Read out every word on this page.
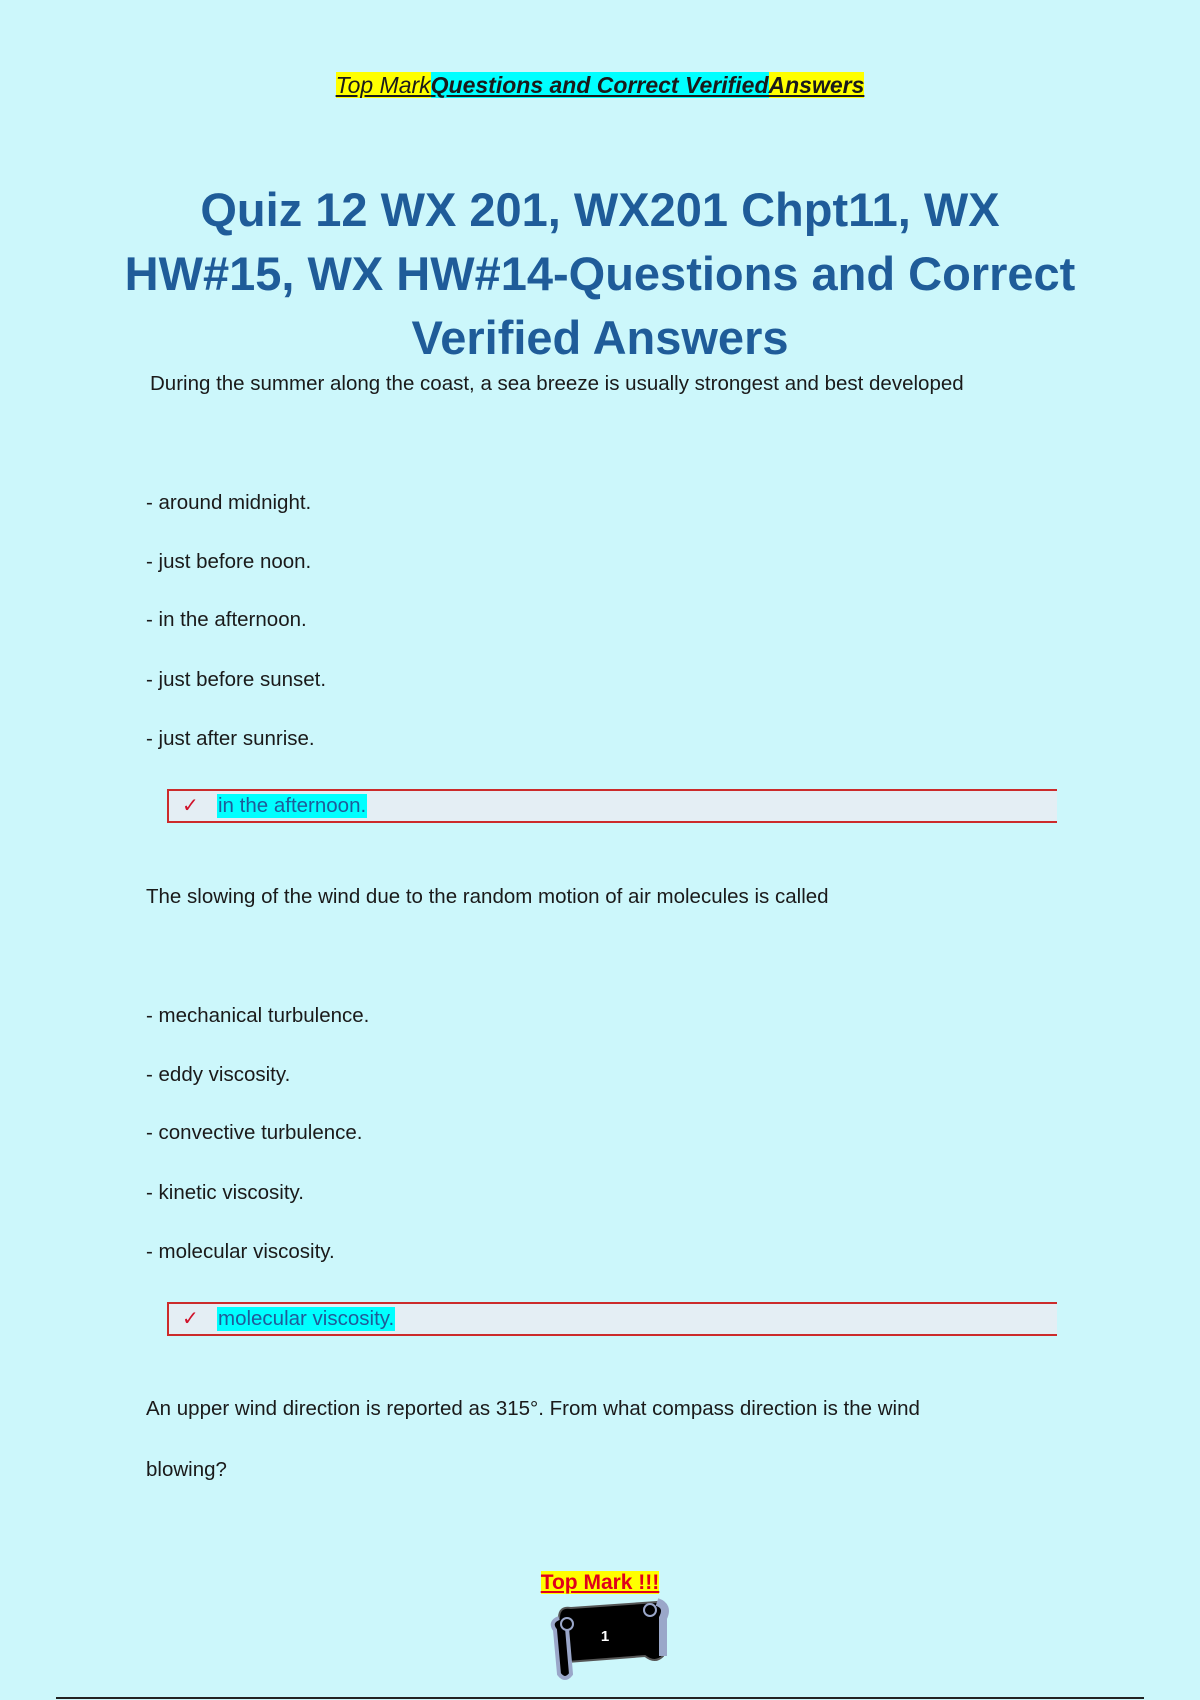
Top MarkQuestions and Correct VerifiedAnswers
Quiz 12 WX 201, WX201 Chpt11, WX HW#15, WX HW#14-Questions and Correct Verified Answers

During the summer along the coast, a sea breeze is usually strongest and best developed

- around midnight.

- just before noon.

- in the afternoon.

- just before sunset.

- just after sunrise.

✓ in the afternoon.

The slowing of the wind due to the random motion of air molecules is called

- mechanical turbulence.

- eddy viscosity.

- convective turbulence.

- kinetic viscosity.

- molecular viscosity.

✓ molecular viscosity.

An upper wind direction is reported as 315°. From what compass direction is the wind

blowing?

Top Mark !!!
1
